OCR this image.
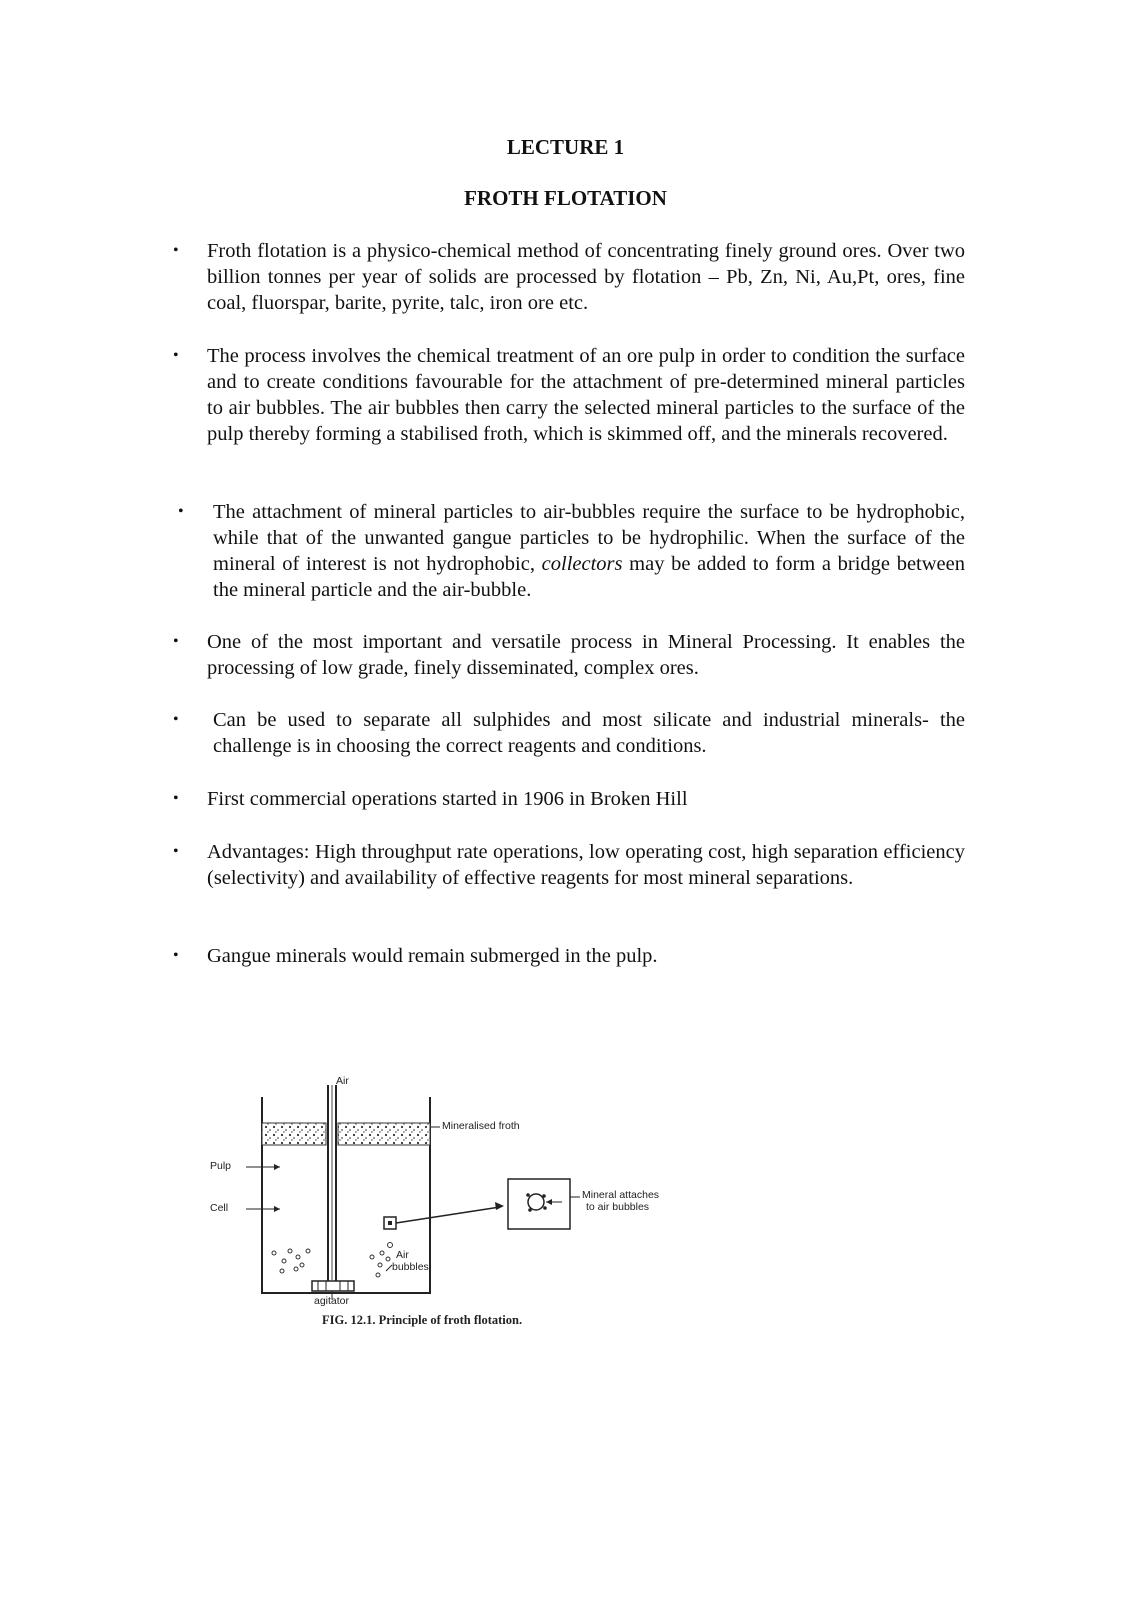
LECTURE 1
FROTH FLOTATION
•	Froth flotation is a physico-chemical method of concentrating finely ground ores. Over two billion tonnes per year of solids are processed by flotation – Pb, Zn, Ni, Au,Pt, ores, fine coal, fluorspar, barite, pyrite, talc, iron ore etc.
•	The process involves the chemical treatment of an ore pulp in order to condition the surface and to create conditions favourable for the attachment of pre-determined mineral particles to air bubbles. The air bubbles then carry the selected mineral particles to the surface of the pulp thereby forming a stabilised froth, which is skimmed off, and the minerals recovered.
•	The attachment of mineral particles to air-bubbles require the surface to be hydrophobic, while that of the unwanted gangue particles to be hydrophilic. When the surface of the mineral of interest is not hydrophobic, collectors may be added to form a bridge between the mineral particle and the air-bubble.
•	One of the most important and versatile process in Mineral Processing. It enables the processing of low grade, finely disseminated, complex ores.
•	Can be used to separate all sulphides and most silicate and industrial minerals- the challenge is in choosing the correct reagents and conditions.
•	First commercial operations started in 1906 in Broken Hill
•	Advantages: High throughput rate operations, low operating cost, high separation efficiency (selectivity) and availability of effective reagents for most mineral separations.
•	Gangue minerals would remain submerged in the pulp.
Air
Mineralised froth
Pulp
Cell
Mineral attaches
to air bubbles
Air
bubbles
agitator
FIG. 12.1. Principle of froth flotation.
